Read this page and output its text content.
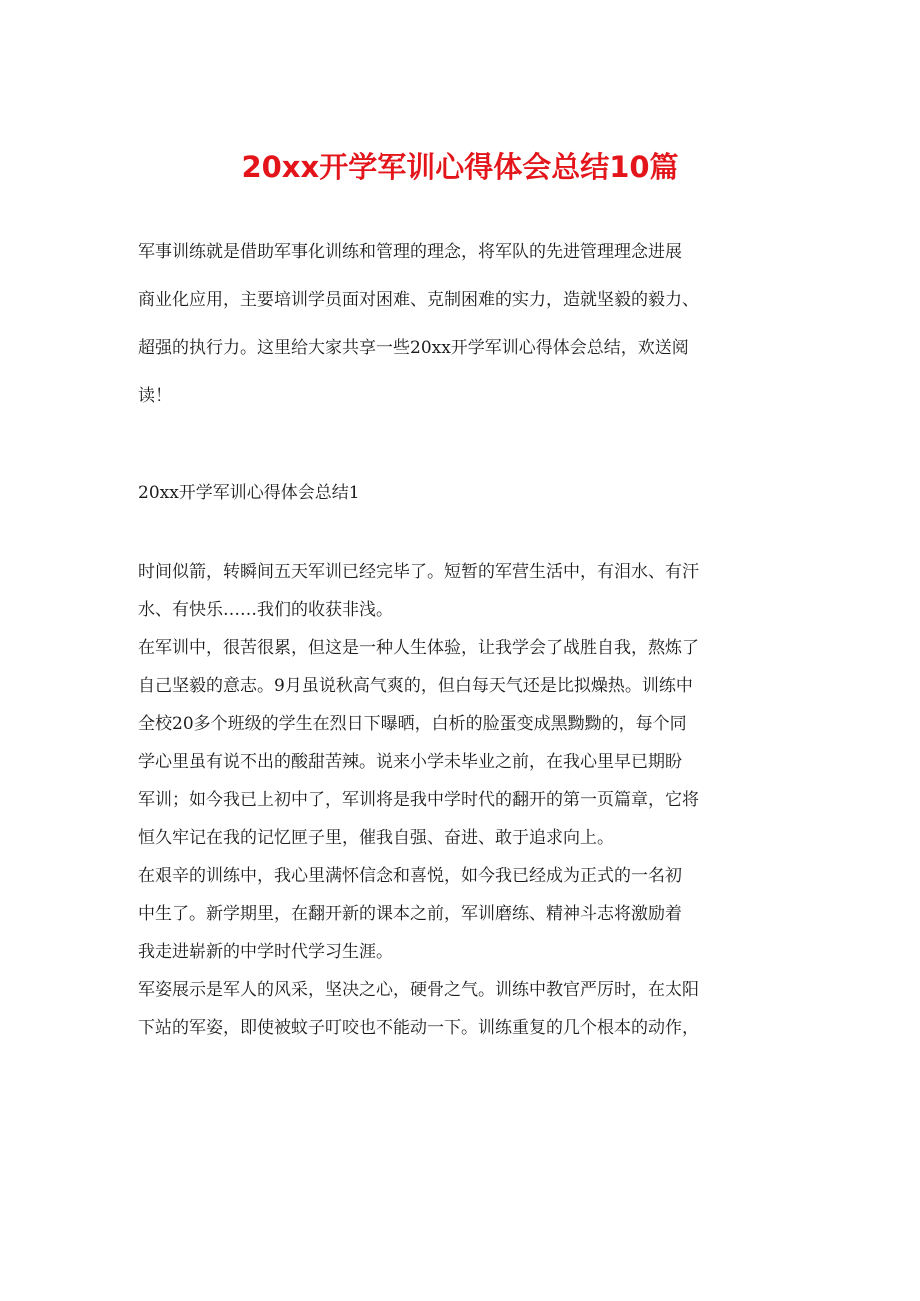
20xx开学军训心得体会总结10篇
军事训练就是借助军事化训练和管理的理念，将军队的先进管理理念进展
商业化应用，主要培训学员面对困难、克制困难的实力，造就坚毅的毅力、
超强的执行力。这里给大家共享一些20xx开学军训心得体会总结，欢送阅
读！
20xx开学军训心得体会总结1

时间似箭，转瞬间五天军训已经完毕了。短暂的军营生活中，有泪水、有汗
水、有快乐……我们的收获非浅。

在军训中，很苦很累，但这是一种人生体验，让我学会了战胜自我，熬炼了
自己坚毅的意志。9月虽说秋高气爽的，但白每天气还是比拟燥热。训练中
全校20多个班级的学生在烈日下曝晒，白析的脸蛋变成黑黝黝的，每个同
学心里虽有说不出的酸甜苦辣。说来小学未毕业之前，在我心里早已期盼
军训；如今我已上初中了，军训将是我中学时代的翻开的第一页篇章，它将
恒久牢记在我的记忆匣子里，催我自强、奋进、敢于追求向上。

在艰辛的训练中，我心里满怀信念和喜悦，如今我已经成为正式的一名初
中生了。新学期里，在翻开新的课本之前，军训磨练、精神斗志将激励着
我走进崭新的中学时代学习生涯。

军姿展示是军人的风采，坚决之心，硬骨之气。训练中教官严厉时，在太阳
下站的军姿，即使被蚊子叮咬也不能动一下。训练重复的几个根本的动作，
